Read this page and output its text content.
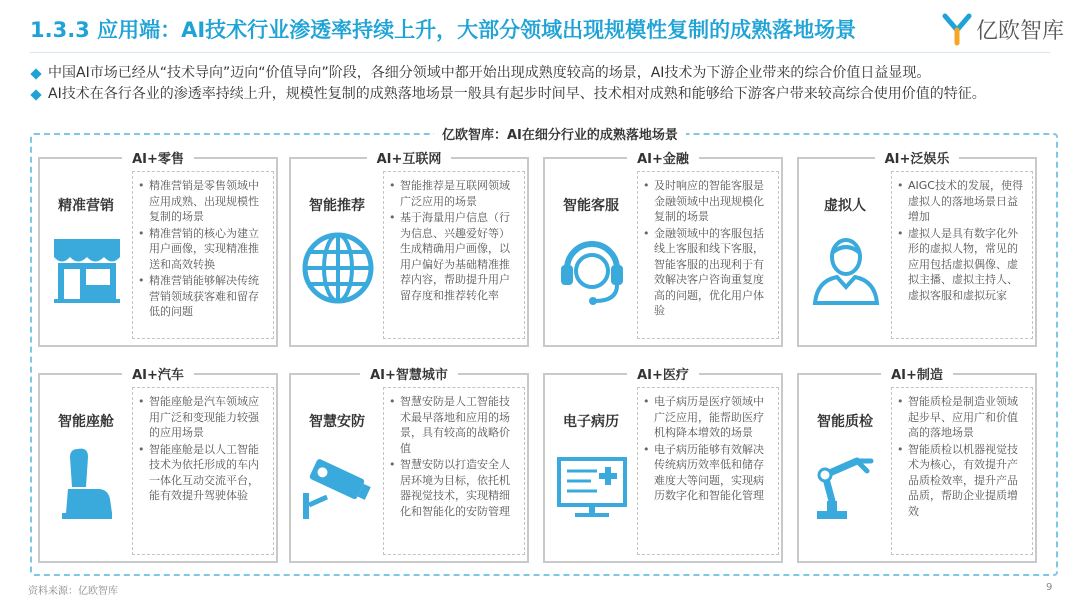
1.3.3 应用端：AI技术行业渗透率持续上升，大部分领域出现规模性复制的成熟落地场景	亿欧智库
中国AI市场已经从“技术导向”迈向“价值导向”阶段，各细分领域中都开始出现成熟度较高的场景，AI技术为下游企业带来的综合价值日益显现。
AI技术在各行各业的渗透率持续上升，规模性复制的成熟落地场景一般具有起步时间早、技术相对成熟和能够给下游客户带来较高综合使用价值的特征。
亿欧智库：AI在细分行业的成熟落地场景
AI+零售
精准营销
• 精准营销是零售领域中应用成熟、出现规模性复制的场景
• 精准营销的核心为建立用户画像，实现精准推送和高效转换
• 精准营销能够解决传统营销领域获客难和留存低的问题
AI+互联网
智能推荐
• 智能推荐是互联网领域广泛应用的场景
• 基于海量用户信息（行为信息、兴趣爱好等）生成精确用户画像，以用户偏好为基础精准推荐内容，帮助提升用户留存度和推荐转化率
AI+金融
智能客服
• 及时响应的智能客服是金融领域中出现规模化复制的场景
• 金融领域中的客服包括线上客服和线下客服，智能客服的出现利于有效解决客户咨询重复度高的问题，优化用户体验
AI+泛娱乐
虚拟人
• AIGC技术的发展，使得虚拟人的落地场景日益增加
• 虚拟人是具有数字化外形的虚拟人物，常见的应用包括虚拟偶像、虚拟主播、虚拟主持人、虚拟客服和虚拟玩家
AI+汽车
智能座舱
• 智能座舱是汽车领域应用广泛和变现能力较强的应用场景
• 智能座舱是以人工智能技术为依托形成的车内一体化互动交流平台，能有效提升驾驶体验
AI+智慧城市
智慧安防
• 智慧安防是人工智能技术最早落地和应用的场景，具有较高的战略价值
• 智慧安防以打造安全人居环境为目标，依托机器视觉技术，实现精细化和智能化的安防管理
AI+医疗
电子病历
• 电子病历是医疗领域中广泛应用，能帮助医疗机构降本增效的场景
• 电子病历能够有效解决传统病历效率低和储存难度大等问题，实现病历数字化和智能化管理
AI+制造
智能质检
• 智能质检是制造业领域起步早、应用广和价值高的落地场景
• 智能质检以机器视觉技术为核心，有效提升产品质检效率，提升产品品质，帮助企业提质增效
资料来源：亿欧智库	9
